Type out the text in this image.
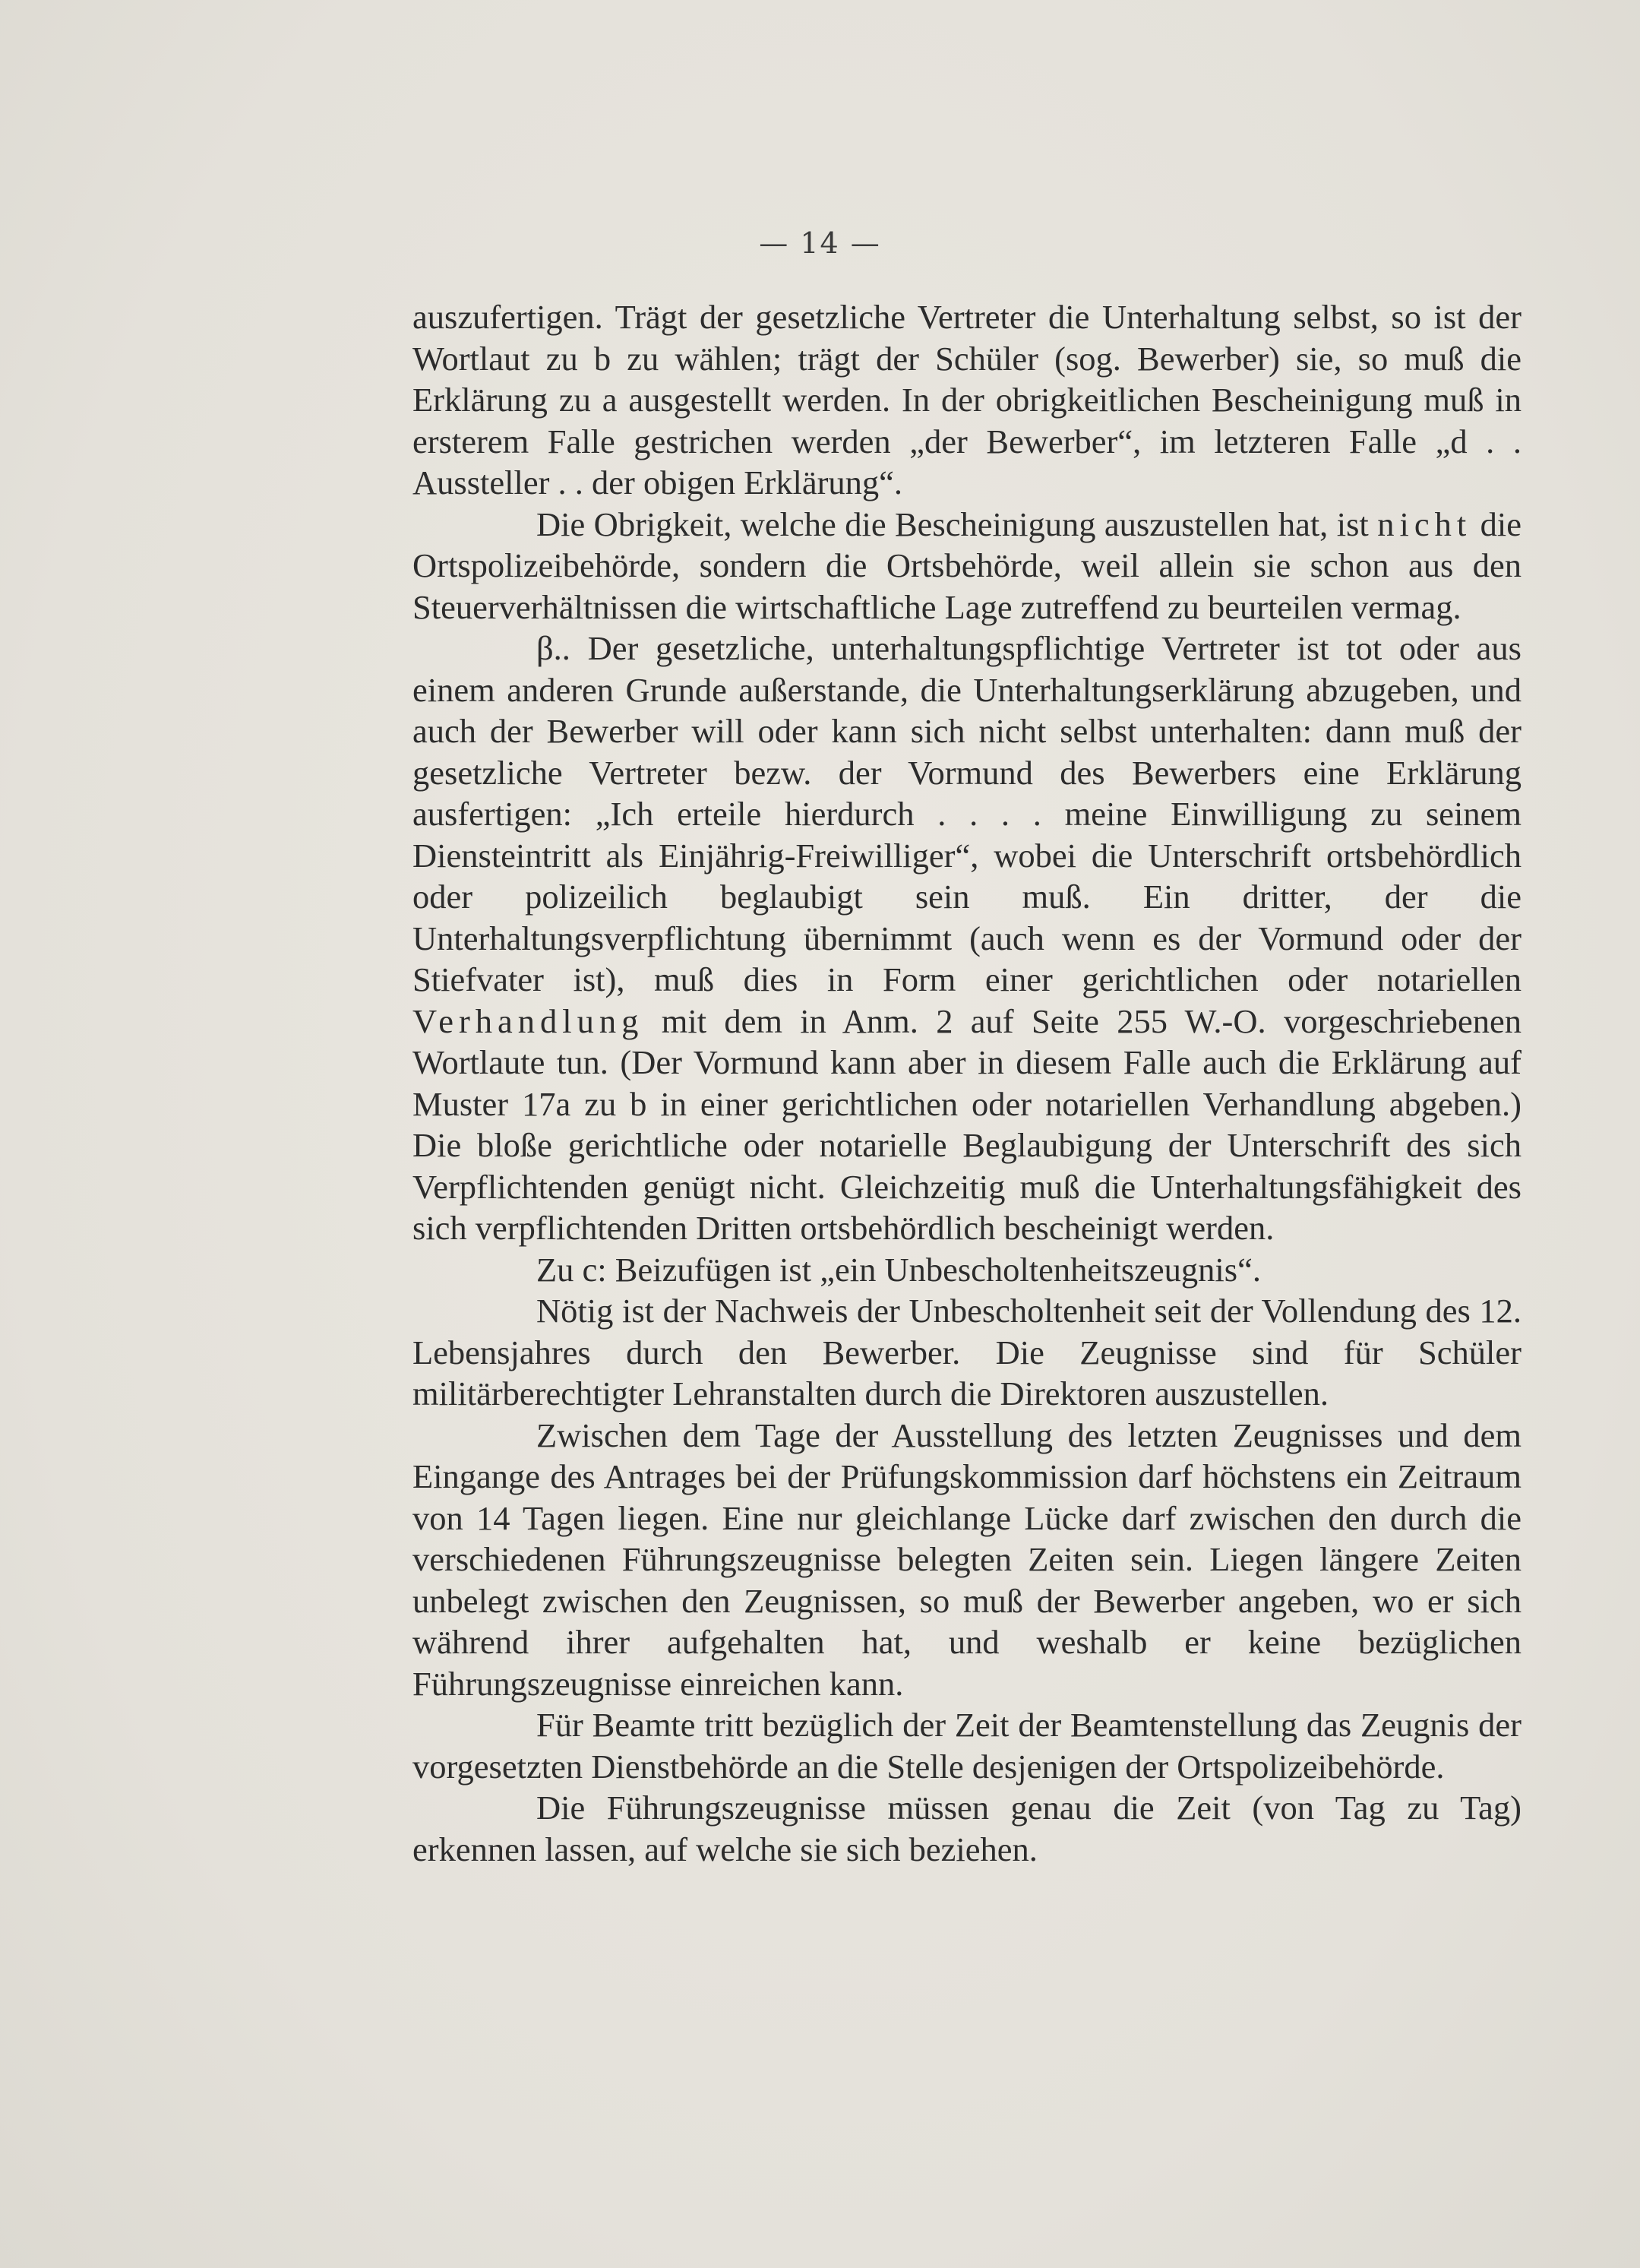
— 14 —

auszufertigen. Trägt der gesetzliche Vertreter die Unterhaltung selbst, so ist der Wortlaut zu b zu wählen; trägt der Schüler (sog. Bewerber) sie, so muß die Erklärung zu a ausgestellt werden. In der obrigkeitlichen Bescheinigung muß in ersterem Falle gestrichen werden „der Bewerber“, im letzteren Falle „d . . Aussteller . . der obigen Erklärung“.

Die Obrigkeit, welche die Bescheinigung auszustellen hat, ist nicht die Ortspolizeibehörde, sondern die Ortsbehörde, weil allein sie schon aus den Steuerverhältnissen die wirtschaftliche Lage zutreffend zu beurteilen vermag.

β.. Der gesetzliche, unterhaltungspflichtige Vertreter ist tot oder aus einem anderen Grunde außerstande, die Unterhaltungserklärung abzugeben, und auch der Bewerber will oder kann sich nicht selbst unterhalten: dann muß der gesetzliche Vertreter bezw. der Vormund des Bewerbers eine Erklärung ausfertigen: „Ich erteile hierdurch . . . . meine Einwilligung zu seinem Diensteintritt als Einjährig-Freiwilliger“, wobei die Unterschrift ortsbehördlich oder polizeilich beglaubigt sein muß. Ein dritter, der die Unterhaltungsverpflichtung übernimmt (auch wenn es der Vormund oder der Stiefvater ist), muß dies in Form einer gerichtlichen oder notariellen Verhandlung mit dem in Anm. 2 auf Seite 255 W.-O. vorgeschriebenen Wortlaute tun. (Der Vormund kann aber in diesem Falle auch die Erklärung auf Muster 17a zu b in einer gerichtlichen oder notariellen Verhandlung abgeben.) Die bloße gerichtliche oder notarielle Beglaubigung der Unterschrift des sich Verpflichtenden genügt nicht. Gleichzeitig muß die Unterhaltungsfähigkeit des sich verpflichtenden Dritten ortsbehördlich bescheinigt werden.

Zu c: Beizufügen ist „ein Unbescholtenheitszeugnis“.

Nötig ist der Nachweis der Unbescholtenheit seit der Vollendung des 12. Lebensjahres durch den Bewerber. Die Zeugnisse sind für Schüler militärberechtigter Lehranstalten durch die Direktoren auszustellen.

Zwischen dem Tage der Ausstellung des letzten Zeugnisses und dem Eingange des Antrages bei der Prüfungskommission darf höchstens ein Zeitraum von 14 Tagen liegen. Eine nur gleichlange Lücke darf zwischen den durch die verschiedenen Führungszeugnisse belegten Zeiten sein. Liegen längere Zeiten unbelegt zwischen den Zeugnissen, so muß der Bewerber angeben, wo er sich während ihrer aufgehalten hat, und weshalb er keine bezüglichen Führungszeugnisse einreichen kann.

Für Beamte tritt bezüglich der Zeit der Beamtenstellung das Zeugnis der vorgesetzten Dienstbehörde an die Stelle desjenigen der Ortspolizeibehörde.

Die Führungszeugnisse müssen genau die Zeit (von Tag zu Tag) erkennen lassen, auf welche sie sich beziehen.
